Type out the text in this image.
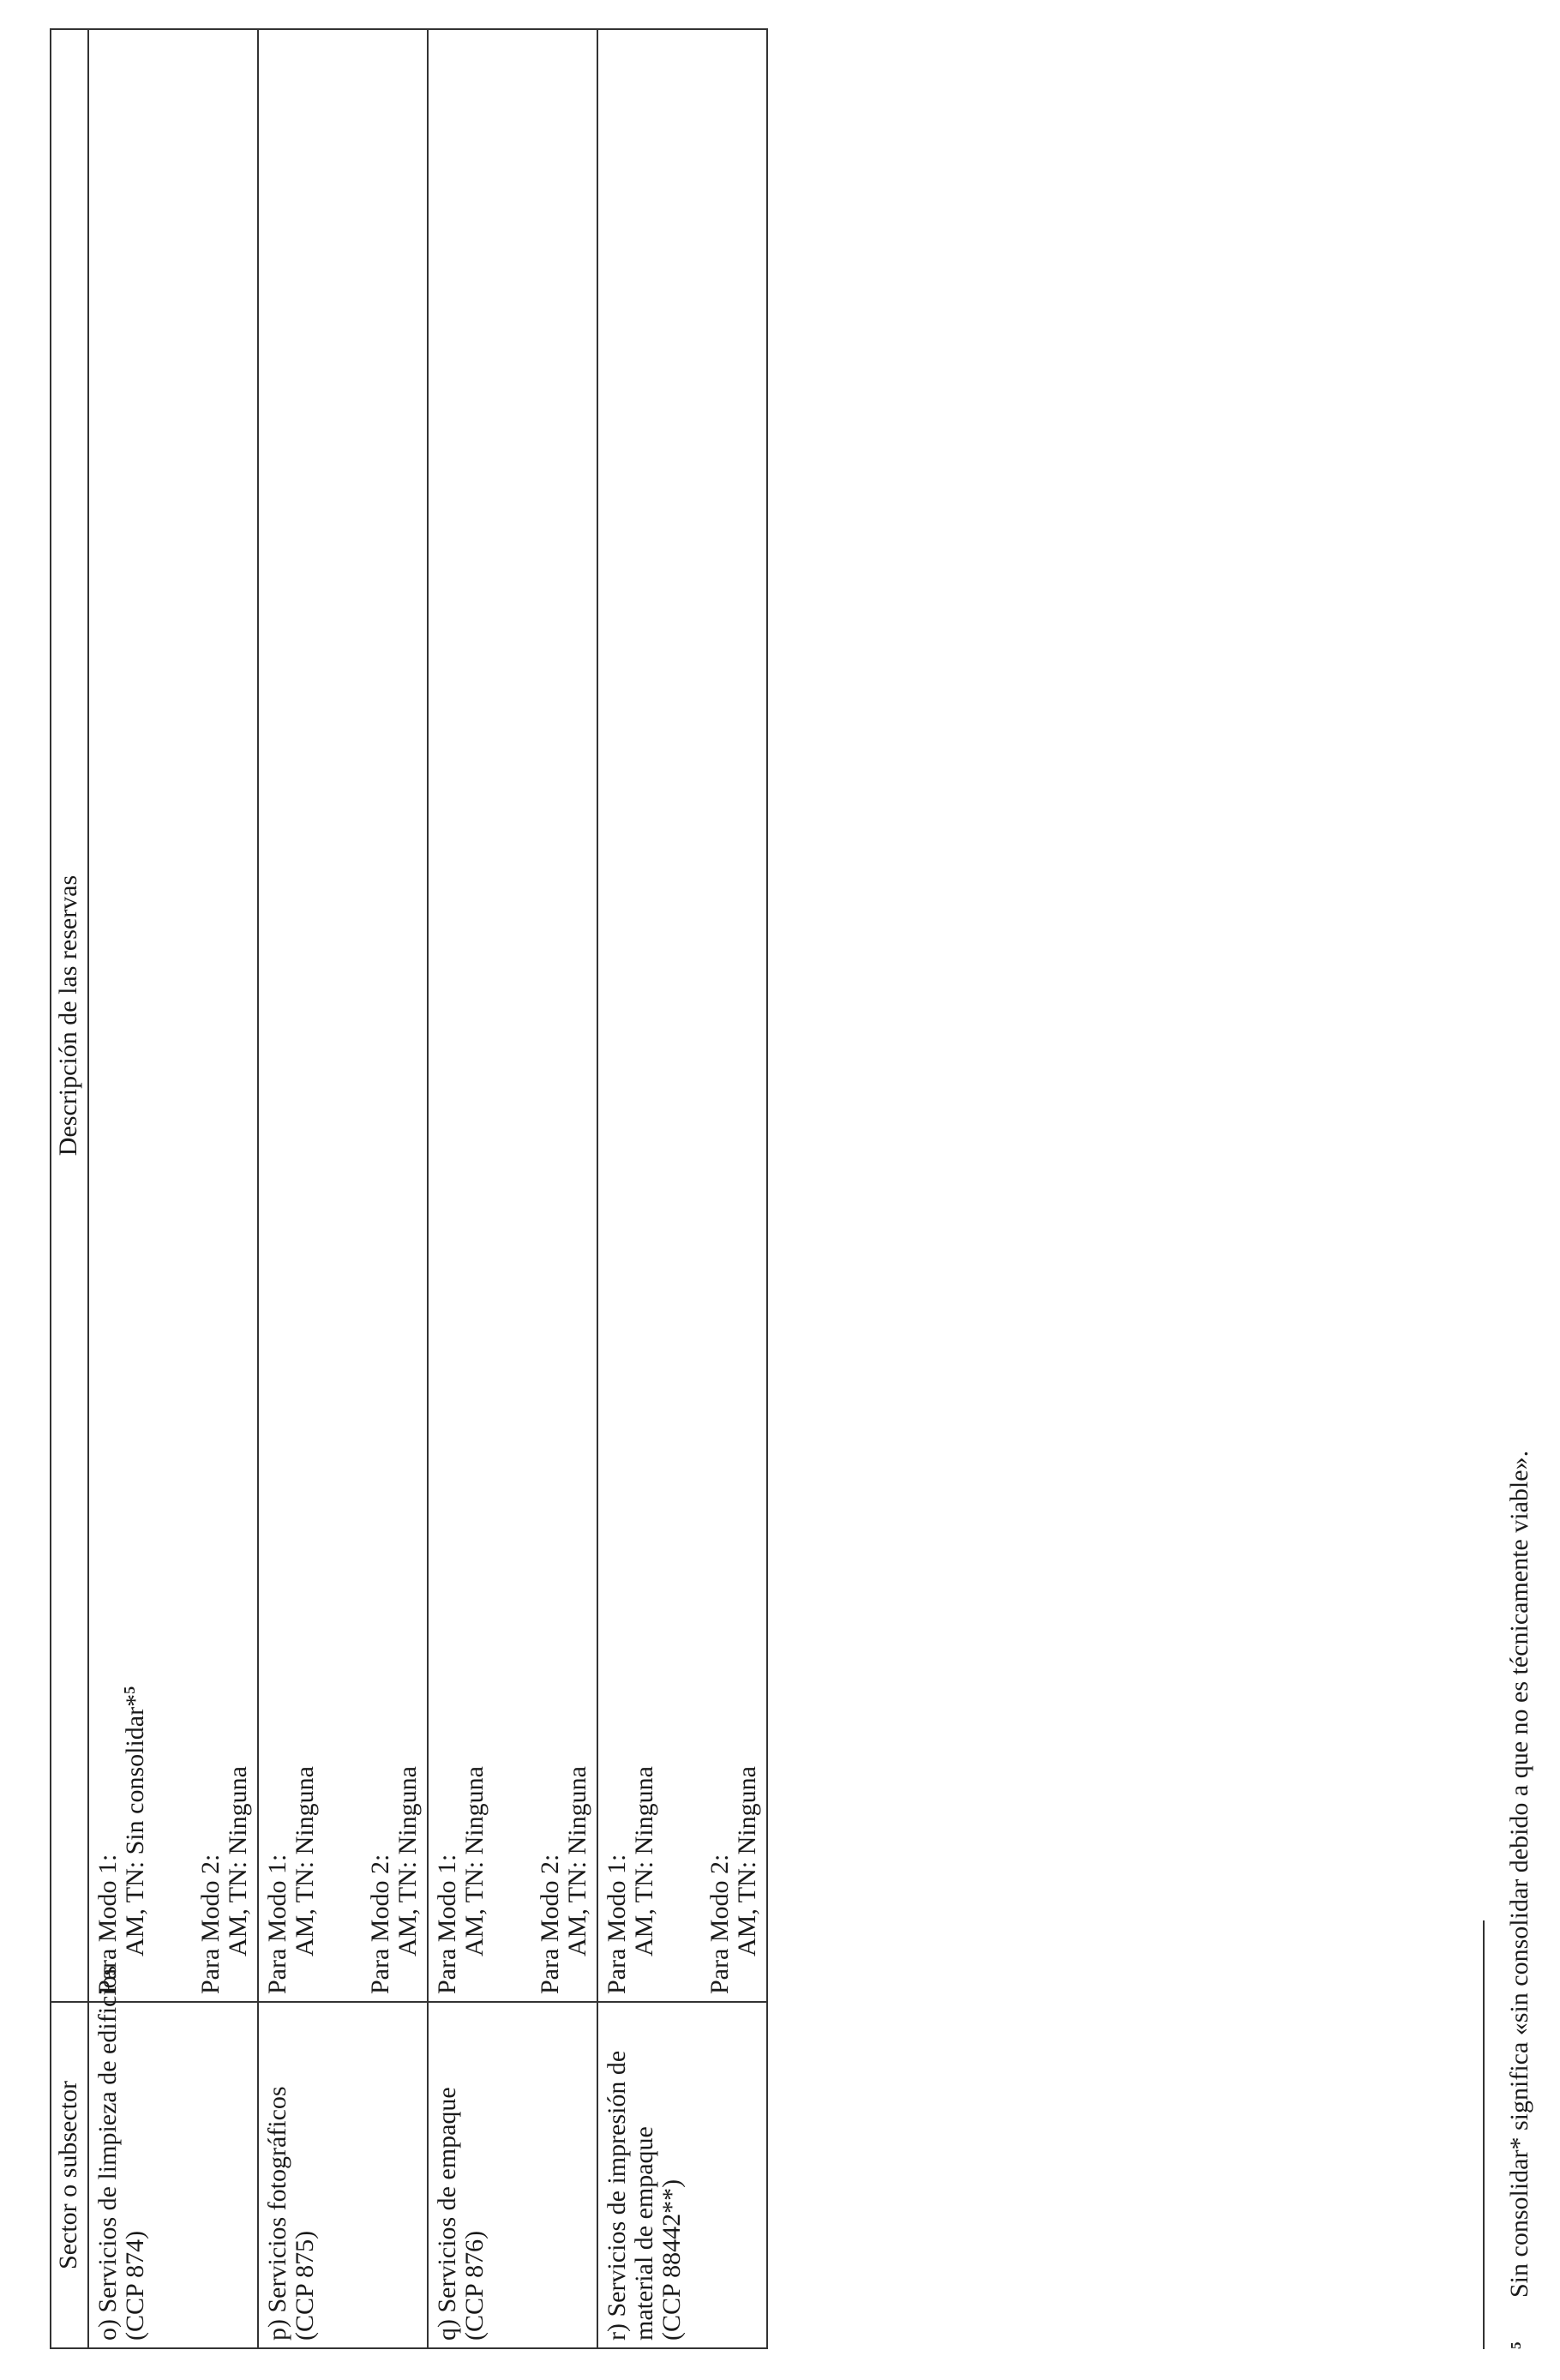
Sector o subsector	Descripción de las reservas

o) Servicios de limpieza de edificios (CCP 874)	Para Modo 1: AM, TN: Sin consolidar*$^5$
Para Modo 2: AM, TN: Ninguna

p) Servicios fotográficos (CCP 875)	Para Modo 1: AM, TN: Ninguna Para Modo 2: AM, TN: Ninguna

q) Servicios de empaque (CCP 876)	Para Modo 1: AM, TN: Ninguna Para Modo 2: AM, TN: Ninguna

r) Servicios de impresión de material de empaque (CCP 88442**)	Para Modo 1: AM, TN: Ninguna Para Modo 2: AM, TN: Ninguna
5Sin consolidar* significa «sin consolidar debido a que no es técnicamente viable».
